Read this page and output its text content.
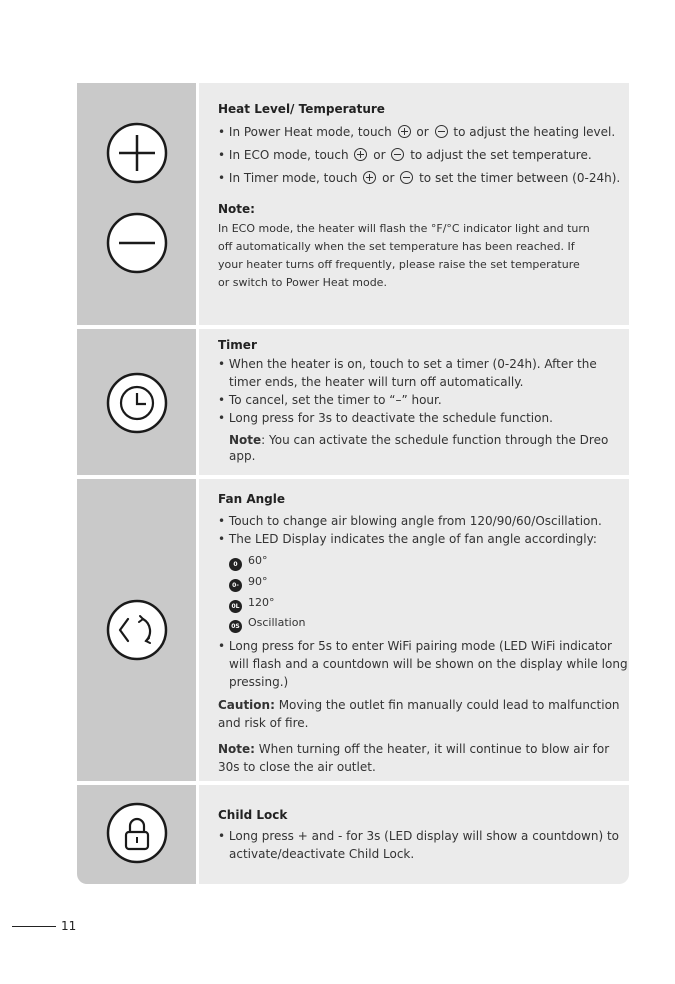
Heat Level/ Temperature
• In Power Heat mode, touch or to adjust the heating level.
• In ECO mode, touch or to adjust the set temperature.
• In Timer mode, touch or to set the timer between (0-24h).
Note:
In ECO mode, the heater will flash the °F/°C indicator light and turn
off automatically when the set temperature has been reached. If
your heater turns off frequently, please raise the set temperature
or switch to Power Heat mode.
Timer
• When the heater is on, touch to set a timer (0-24h). After the
timer ends, the heater will turn off automatically.
• To cancel, set the timer to “–” hour.
• Long press for 3s to deactivate the schedule function.
Note: You can activate the schedule function through the Dreo
app.
Fan Angle
• Touch to change air blowing angle from 120/90/60/Oscillation.
• The LED Display indicates the angle of fan angle accordingly:
0 60°
0- 90°
0L 120°
0S Oscillation
• Long press for 5s to enter WiFi pairing mode (LED WiFi indicator
will flash and a countdown will be shown on the display while long
pressing.)
Caution: Moving the outlet fin manually could lead to malfunction
and risk of fire.
Note: When turning off the heater, it will continue to blow air for
30s to close the air outlet.
Child Lock
• Long press + and - for 3s (LED display will show a countdown) to
activate/deactivate Child Lock.
11
